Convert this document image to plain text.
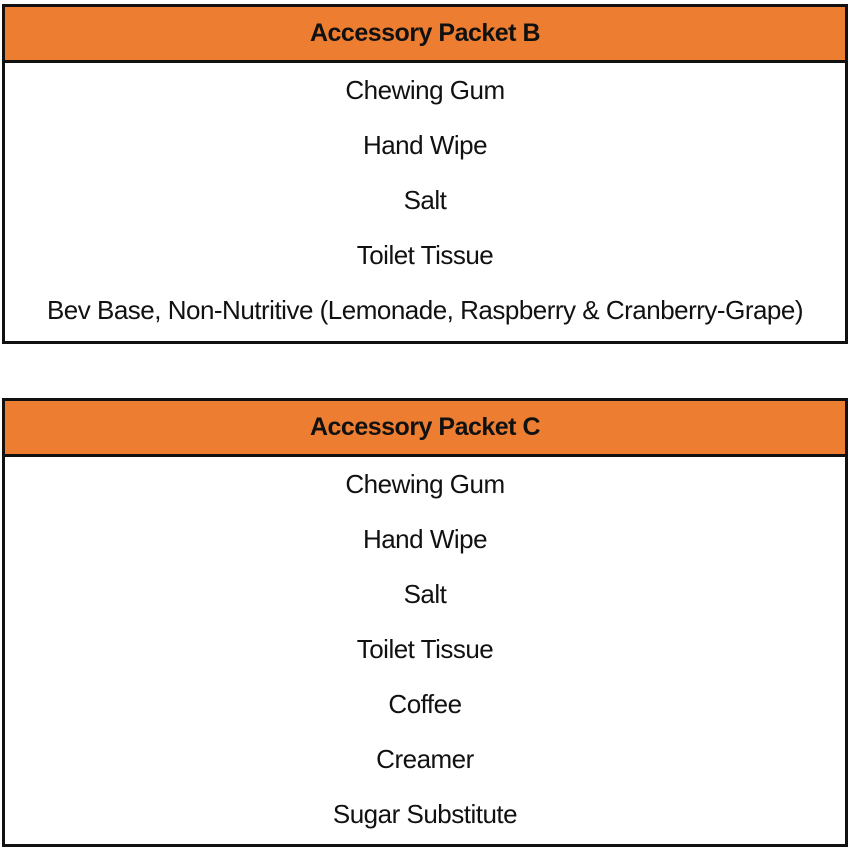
Accessory Packet B
Chewing Gum
Hand Wipe
Salt
Toilet Tissue
Bev Base, Non-Nutritive (Lemonade, Raspberry & Cranberry-Grape)
Accessory Packet C
Chewing Gum
Hand Wipe
Salt
Toilet Tissue
Coffee
Creamer
Sugar Substitute
